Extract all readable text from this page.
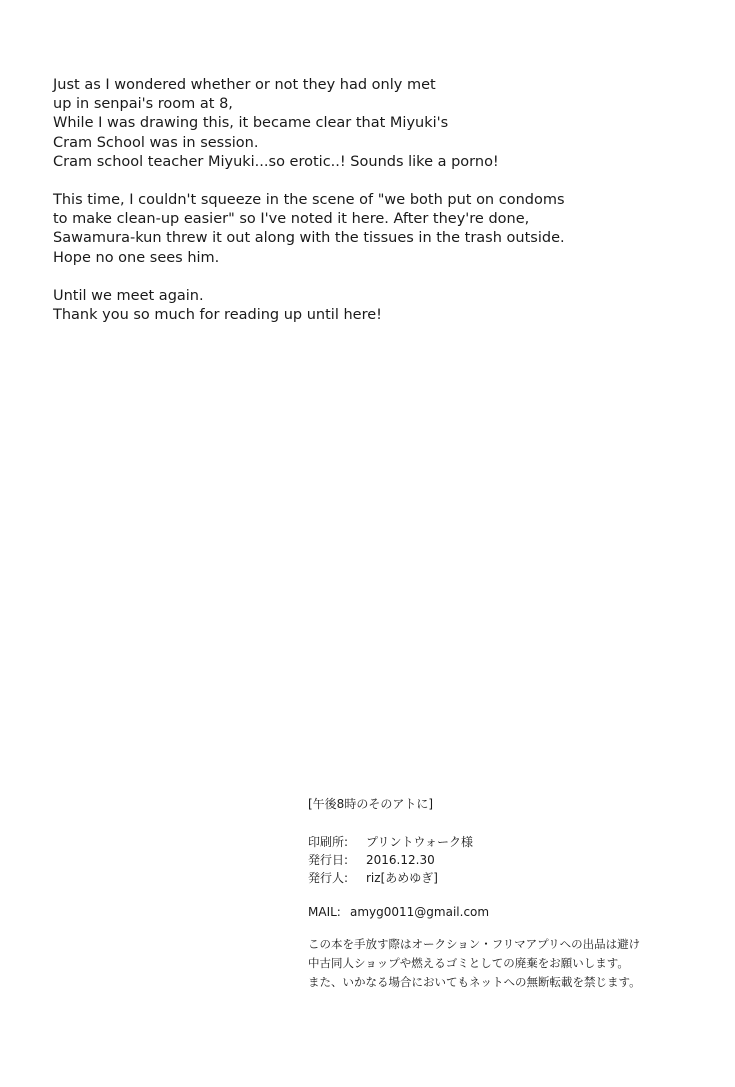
Just as I wondered whether or not they had only met
up in senpai's room at 8,
While I was drawing this, it became clear that Miyuki's
Cram School was in session.
Cram school teacher Miyuki...so erotic..! Sounds like a porno!

This time, I couldn't squeeze in the scene of "we both put on condoms
to make clean-up easier" so I've noted it here. After they're done,
Sawamura-kun threw it out along with the tissues in the trash outside.
Hope no one sees him.

Until we meet again.
Thank you so much for reading up until here!

[午後8時のそのアトに]
印刷所: プリントウォーク様
発行日: 2016.12.30
発行人: riz[あめゆぎ]
MAIL: amyg0011@gmail.com
この本を手放す際はオークション・フリマアプリへの出品は避け
中古同人ショップや燃えるゴミとしての廃棄をお願いします。
また、いかなる場合においてもネットへの無断転載を禁じます。
